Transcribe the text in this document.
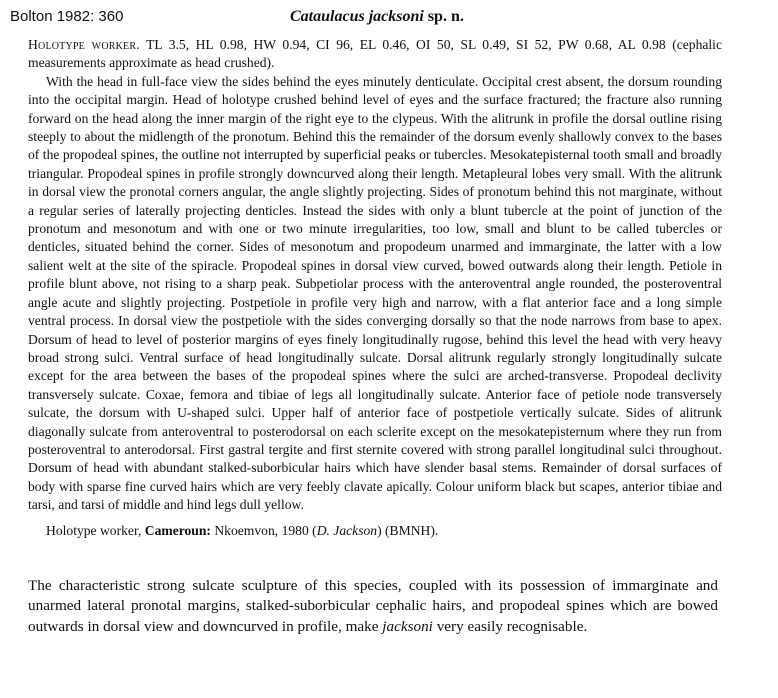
Bolton 1982: 360	Cataulacus jacksoni sp. n.

Holotype worker. TL 3.5, HL 0.98, HW 0.94, CI 96, EL 0.46, OI 50, SL 0.49, SI 52, PW 0.68, AL 0.98 (cephalic measurements approximate as head crushed).

With the head in full-face view the sides behind the eyes minutely denticulate. Occipital crest absent, the dorsum rounding into the occipital margin. Head of holotype crushed behind level of eyes and the surface fractured; the fracture also running forward on the head along the inner margin of the right eye to the clypeus. With the alitrunk in profile the dorsal outline rising steeply to about the midlength of the pronotum. Behind this the remainder of the dorsum evenly shallowly convex to the bases of the propodeal spines, the outline not interrupted by superficial peaks or tubercles. Mesokatepisternal tooth small and broadly triangular. Propodeal spines in profile strongly downcurved along their length. Metapleural lobes very small. With the alitrunk in dorsal view the pronotal corners angular, the angle slightly projecting. Sides of pronotum behind this not marginate, without a regular series of laterally projecting denticles. Instead the sides with only a blunt tubercle at the point of junction of the pronotum and mesonotum and with one or two minute irregularities, too low, small and blunt to be called tubercles or denticles, situated behind the corner. Sides of mesonotum and propodeum unarmed and immarginate, the latter with a low salient welt at the site of the spiracle. Propodeal spines in dorsal view curved, bowed outwards along their length. Petiole in profile blunt above, not rising to a sharp peak. Subpetiolar process with the anteroventral angle rounded, the posteroventral angle acute and slightly projecting. Postpetiole in profile very high and narrow, with a flat anterior face and a long simple ventral process. In dorsal view the postpetiole with the sides converging dorsally so that the node narrows from base to apex. Dorsum of head to level of posterior margins of eyes finely longitudinally rugose, behind this level the head with very heavy broad strong sulci. Ventral surface of head longitudinally sulcate. Dorsal alitrunk regularly strongly longitudinally sulcate except for the area between the bases of the propodeal spines where the sulci are arched-transverse. Propodeal declivity transversely sulcate. Coxae, femora and tibiae of legs all longitudinally sulcate. Anterior face of petiole node transversely sulcate, the dorsum with U-shaped sulci. Upper half of anterior face of postpetiole vertically sulcate. Sides of alitrunk diagonally sulcate from anteroventral to posterodorsal on each sclerite except on the mesokatepisternum where they run from posteroventral to anterodorsal. First gastral tergite and first sternite covered with strong parallel longitudinal sulci throughout. Dorsum of head with abundant stalked-suborbicular hairs which have slender basal stems. Remainder of dorsal surfaces of body with sparse fine curved hairs which are very feebly clavate apically. Colour uniform black but scapes, anterior tibiae and tarsi, and tarsi of middle and hind legs dull yellow.

Holotype worker, Cameroun: Nkoemvon, 1980 (D. Jackson) (BMNH).

The characteristic strong sulcate sculpture of this species, coupled with its possession of immarginate and unarmed lateral pronotal margins, stalked-suborbicular cephalic hairs, and propodeal spines which are bowed outwards in dorsal view and downcurved in profile, make jacksoni very easily recognisable.
